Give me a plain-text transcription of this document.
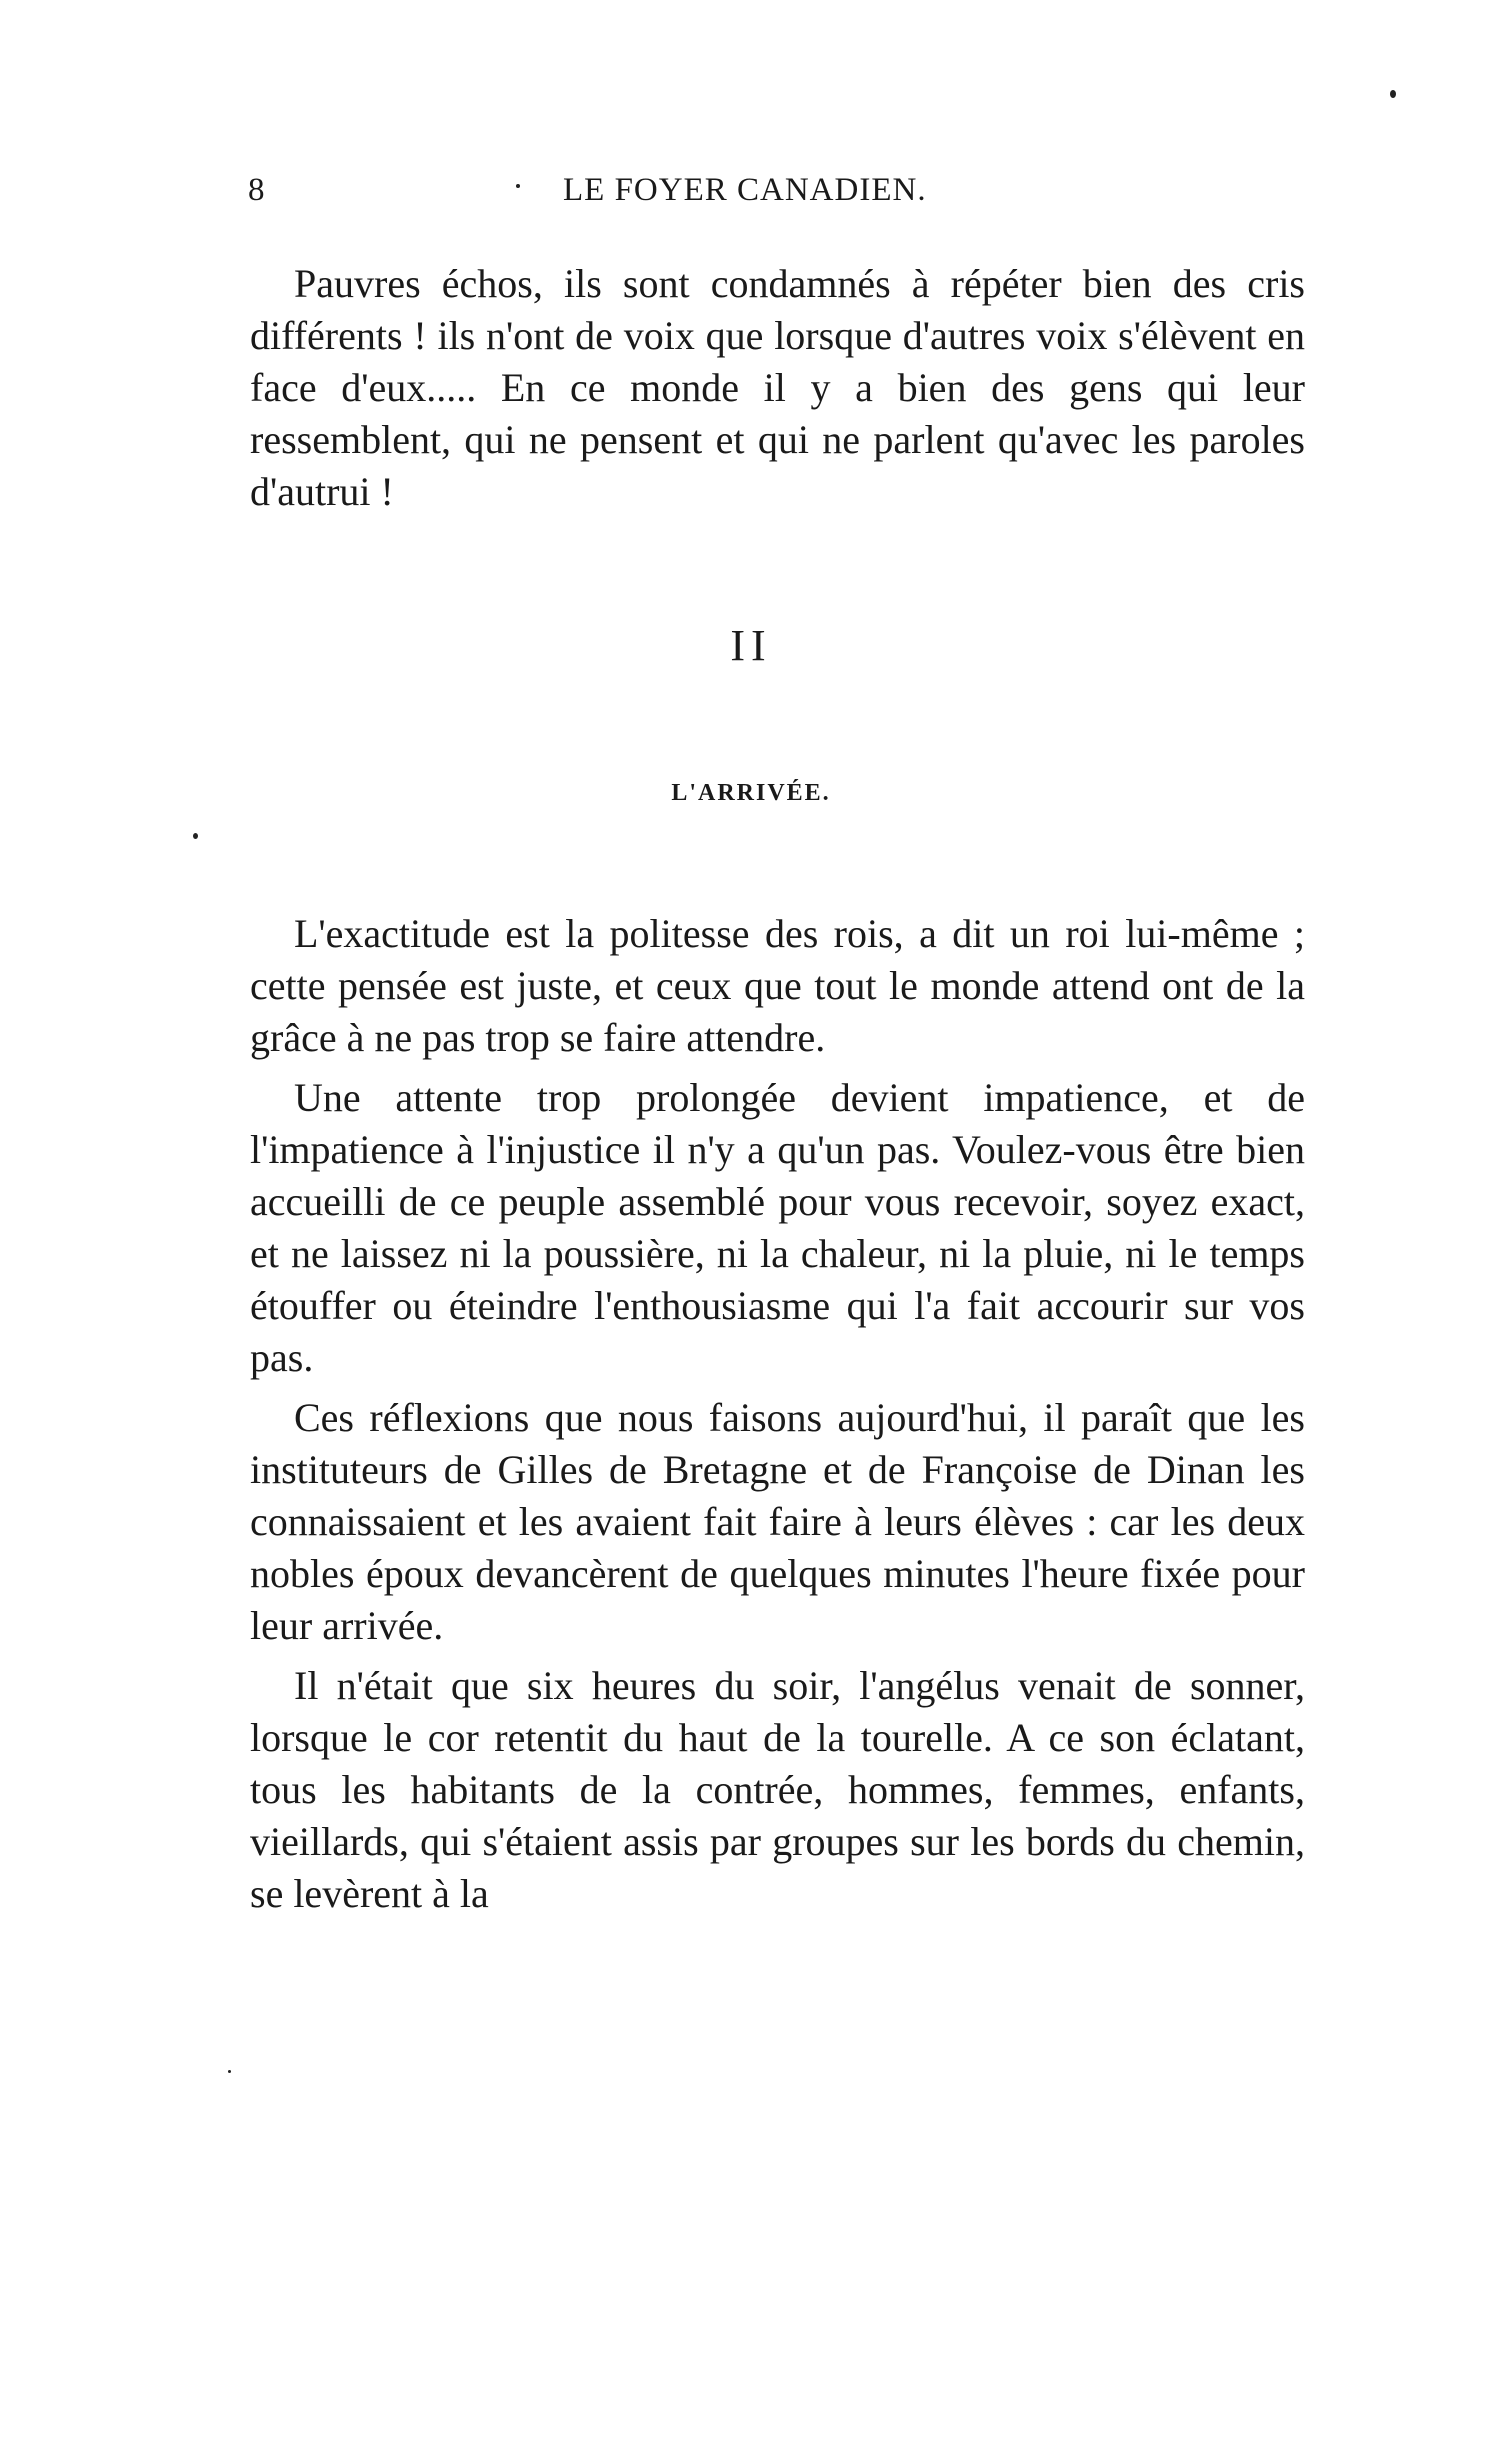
8	LE FOYER CANADIEN.

Pauvres échos, ils sont condamnés à répéter bien des cris différents ! ils n'ont de voix que lorsque d'autres voix s'élèvent en face d'eux..... En ce monde il y a bien des gens qui leur ressemblent, qui ne pensent et qui ne parlent qu'avec les paroles d'autrui !

II
L'ARRIVÉE.

L'exactitude est la politesse des rois, a dit un roi lui-même ; cette pensée est juste, et ceux que tout le monde attend ont de la grâce à ne pas trop se faire attendre.

Une attente trop prolongée devient impatience, et de l'impatience à l'injustice il n'y a qu'un pas. Voulez-vous être bien accueilli de ce peuple assemblé pour vous recevoir, soyez exact, et ne laissez ni la poussière, ni la chaleur, ni la pluie, ni le temps étouffer ou éteindre l'enthousiasme qui l'a fait accourir sur vos pas.

Ces réflexions que nous faisons aujourd'hui, il paraît que les instituteurs de Gilles de Bretagne et de Françoise de Dinan les connaissaient et les avaient fait faire à leurs élèves : car les deux nobles époux devancèrent de quelques minutes l'heure fixée pour leur arrivée.

Il n'était que six heures du soir, l'angélus venait de sonner, lorsque le cor retentit du haut de la tourelle. A ce son éclatant, tous les habitants de la contrée, hommes, femmes, enfants, vieillards, qui s'étaient assis par groupes sur les bords du chemin, se levèrent à la
